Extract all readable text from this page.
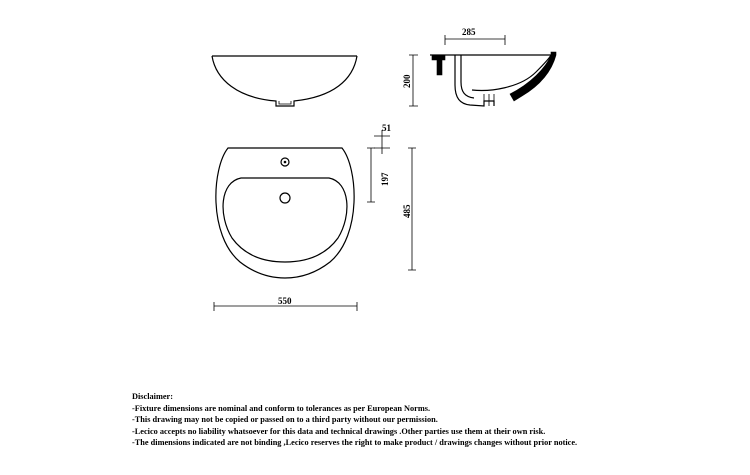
285
200
550
51
197
485
Disclaimer:
-Fixture dimensions are nominal and conform to tolerances as per European Norms.
-This drawing may not be copied or passed on to a third party without our permission.
-Lecico accepts no liability whatsoever for this data and technical drawings .Other parties use them at their own risk.
-The dimensions indicated are not binding ,Lecico reserves the right to make product / drawings changes without prior notice.
